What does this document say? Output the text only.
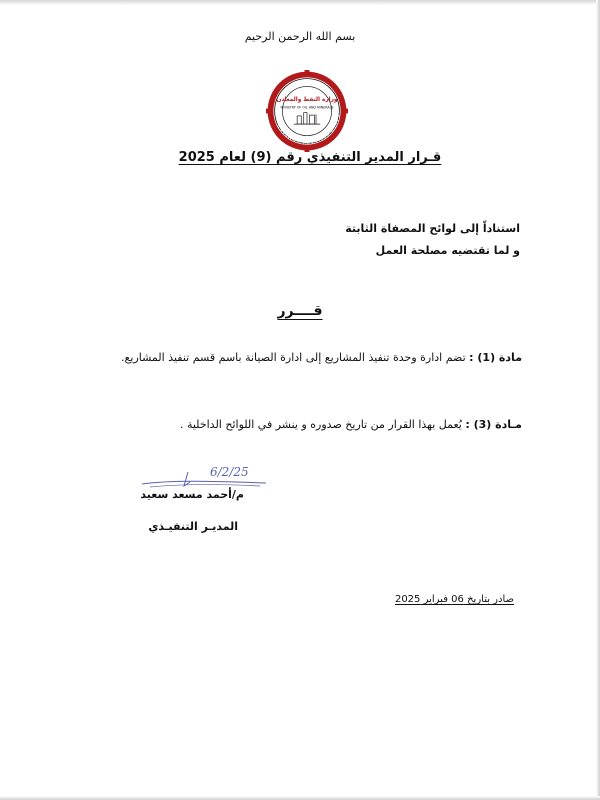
بسم الله الرحمن الرحيم
SAFER REFINERY COMPANY
وزارة النفط والمعادن
MINISTRY OF OIL AND MINERALS
قـرار المدير التنفيذي رقم (9) لعام 2025
استناداً إلى لوائح المصفاة الثابتة
و لما تقتضيه مصلحة العمل
قــــرر
مادة (1) : تضم ادارة وحدة تنفيذ المشاريع إلى ادارة الصيانة باسم قسم تنفيذ المشاريع.
مـادة (3) : يُعمل بهذا القرار من تاريخ صدوره و ينشر في اللوائح الداخلية .
6/2/25
م/أحمد مسعد سعيد
المديـر التنفيـذي
صادر بتاريخ 06 فبراير 2025
